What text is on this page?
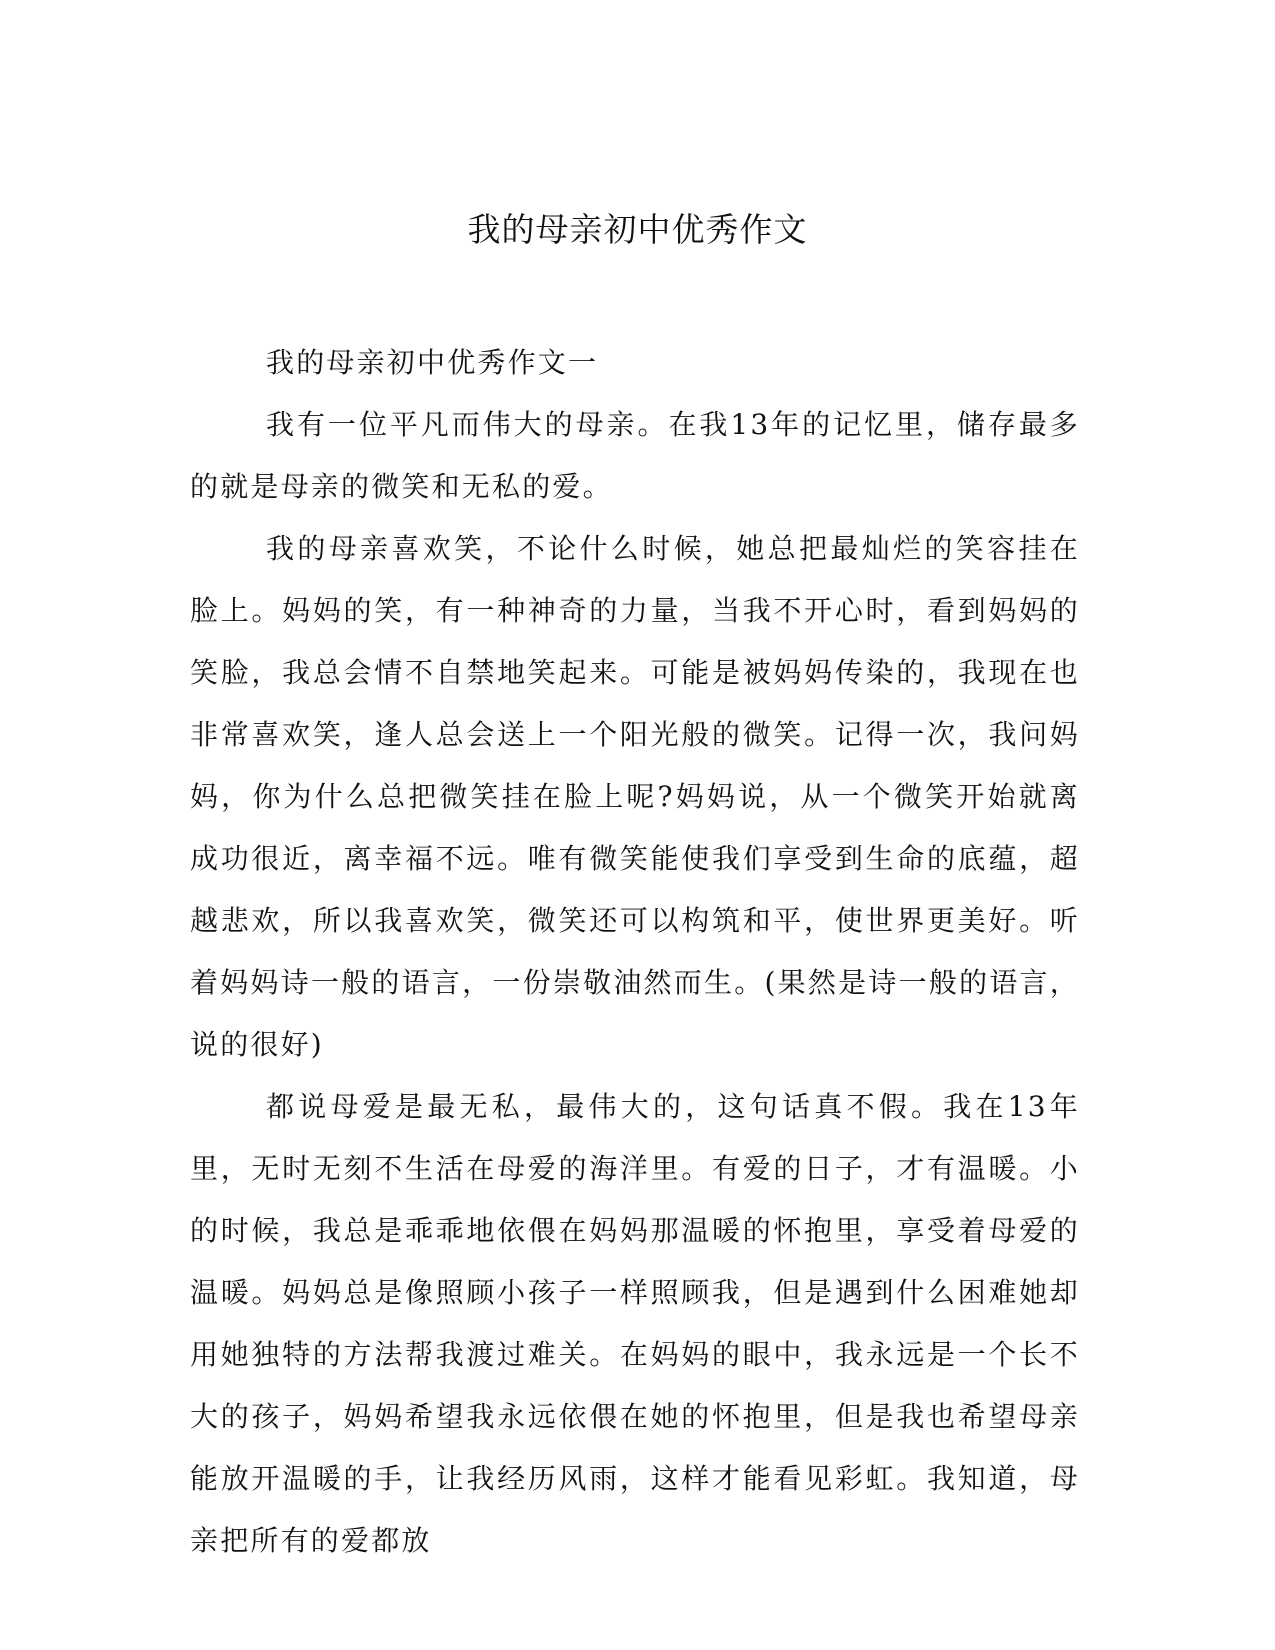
我的母亲初中优秀作文

我的母亲初中优秀作文一

我有一位平凡而伟大的母亲。在我13年的记忆里，储存最多的就是母亲的微笑和无私的爱。

我的母亲喜欢笑，不论什么时候，她总把最灿烂的笑容挂在脸上。妈妈的笑，有一种神奇的力量，当我不开心时，看到妈妈的笑脸，我总会情不自禁地笑起来。可能是被妈妈传染的，我现在也非常喜欢笑，逢人总会送上一个阳光般的微笑。记得一次，我问妈妈，你为什么总把微笑挂在脸上呢?妈妈说，从一个微笑开始就离成功很近，离幸福不远。唯有微笑能使我们享受到生命的底蕴，超越悲欢，所以我喜欢笑，微笑还可以构筑和平，使世界更美好。听着妈妈诗一般的语言，一份崇敬油然而生。(果然是诗一般的语言，说的很好)

都说母爱是最无私，最伟大的，这句话真不假。我在13年里，无时无刻不生活在母爱的海洋里。有爱的日子，才有温暖。小的时候，我总是乖乖地依偎在妈妈那温暖的怀抱里，享受着母爱的温暖。妈妈总是像照顾小孩子一样照顾我，但是遇到什么困难她却用她独特的方法帮我渡过难关。在妈妈的眼中，我永远是一个长不大的孩子，妈妈希望我永远依偎在她的怀抱里，但是我也希望母亲能放开温暖的手，让我经历风雨，这样才能看见彩虹。我知道，母亲把所有的爱都放
